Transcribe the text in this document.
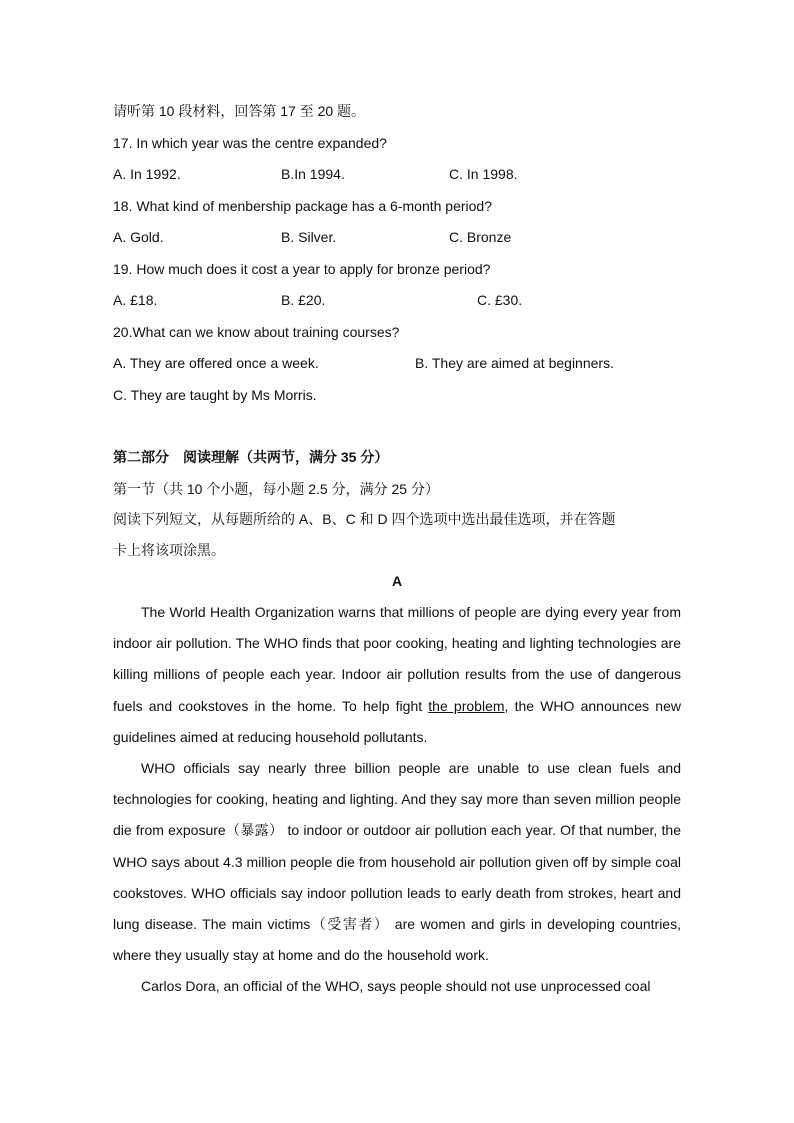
请听第 10 段材料，回答第 17 至 20 题。
17. In which year was the centre expanded?
A. In 1992.	B.In 1994.	C. In 1998.
18. What kind of menbership package has a 6-month period?
A. Gold.	B. Silver.	C. Bronze
19. How much does it cost a year to apply for bronze period?
A. £18.	B. £20.	C. £30.
20.What can we know about training courses?
A. They are offered once a week.	B. They are aimed at beginners.
C. They are taught by Ms Morris.
第二部分　阅读理解（共两节，满分 35 分）
第一节（共 10 个小题，每小题 2.5 分，满分 25 分）
阅读下列短文，从每题所给的 A、B、C 和 D 四个选项中选出最佳选项，并在答题
卡上将该项涂黑。
A

The World Health Organization warns that millions of people are dying every year from indoor air pollution. The WHO finds that poor cooking, heating and lighting technologies are killing millions of people each year. Indoor air pollution results from the use of dangerous fuels and cookstoves in the home. To help fight the problem, the WHO announces new guidelines aimed at reducing household pollutants.

WHO officials say nearly three billion people are unable to use clean fuels and technologies for cooking, heating and lighting. And they say more than seven million people die from exposure（暴露） to indoor or outdoor air pollution each year. Of that number, the WHO says about 4.3 million people die from household air pollution given off by simple coal cookstoves. WHO officials say indoor pollution leads to early death from strokes, heart and lung disease. The main victims（受害者） are women and girls in developing countries, where they usually stay at home and do the household work.

Carlos Dora, an official of the WHO, says people should not use unprocessed coal
